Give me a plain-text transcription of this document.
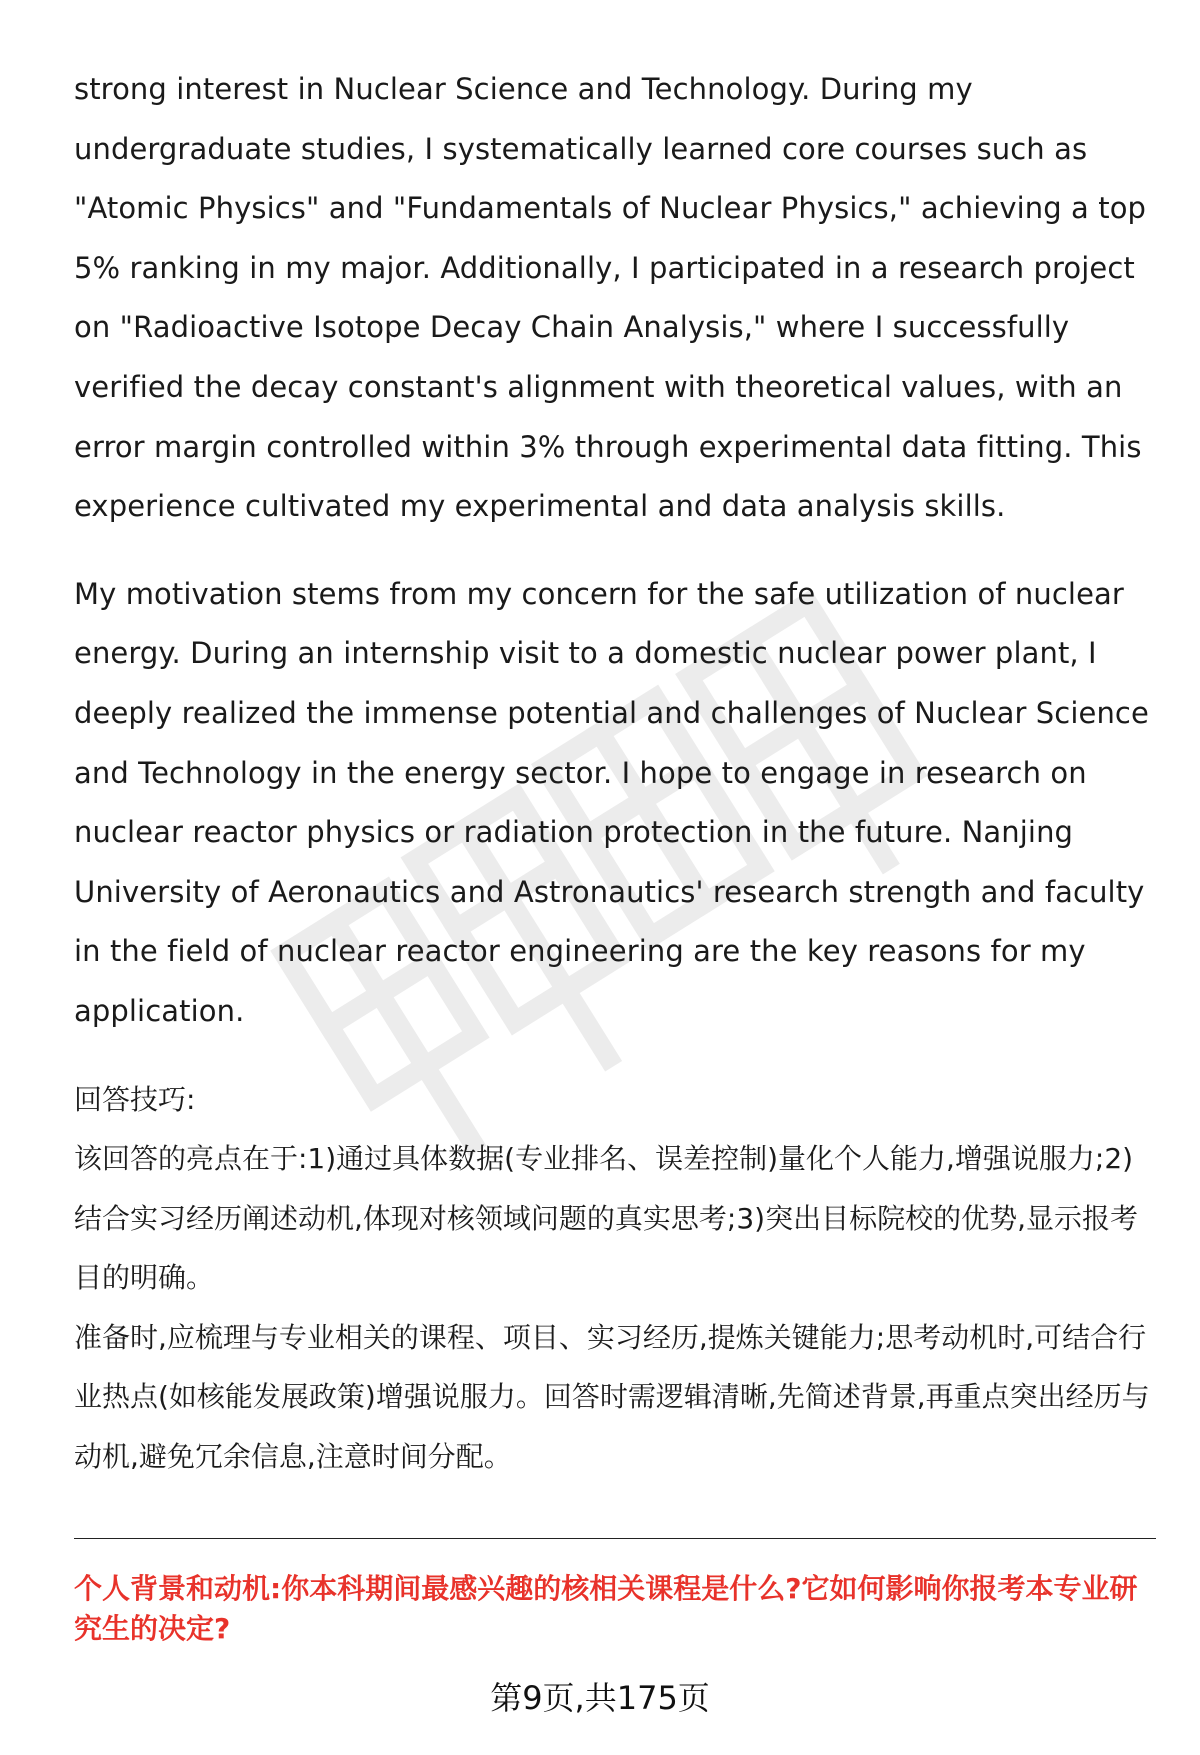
strong interest in Nuclear Science and Technology. During my undergraduate studies, I systematically learned core courses such as "Atomic Physics" and "Fundamentals of Nuclear Physics," achieving a top 5% ranking in my major. Additionally, I participated in a research project on "Radioactive Isotope Decay Chain Analysis," where I successfully verified the decay constant's alignment with theoretical values, with an error margin controlled within 3% through experimental data fitting. This experience cultivated my experimental and data analysis skills.

My motivation stems from my concern for the safe utilization of nuclear energy. During an internship visit to a domestic nuclear power plant, I deeply realized the immense potential and challenges of Nuclear Science and Technology in the energy sector. I hope to engage in research on nuclear reactor physics or radiation protection in the future. Nanjing University of Aeronautics and Astronautics' research strength and faculty in the field of nuclear reactor engineering are the key reasons for my application.

回答技巧:

该回答的亮点在于:1)通过具体数据(专业排名、误差控制)量化个人能力,增强说服力;2)结合实习经历阐述动机,体现对核领域问题的真实思考;3)突出目标院校的优势,显示报考目的明确。

准备时,应梳理与专业相关的课程、项目、实习经历,提炼关键能力;思考动机时,可结合行业热点(如核能发展政策)增强说服力。回答时需逻辑清晰,先简述背景,再重点突出经历与动机,避免冗余信息,注意时间分配。

个人背景和动机:你本科期间最感兴趣的核相关课程是什么?它如何影响你报考本专业研究生的决定?

第9页,共175页
